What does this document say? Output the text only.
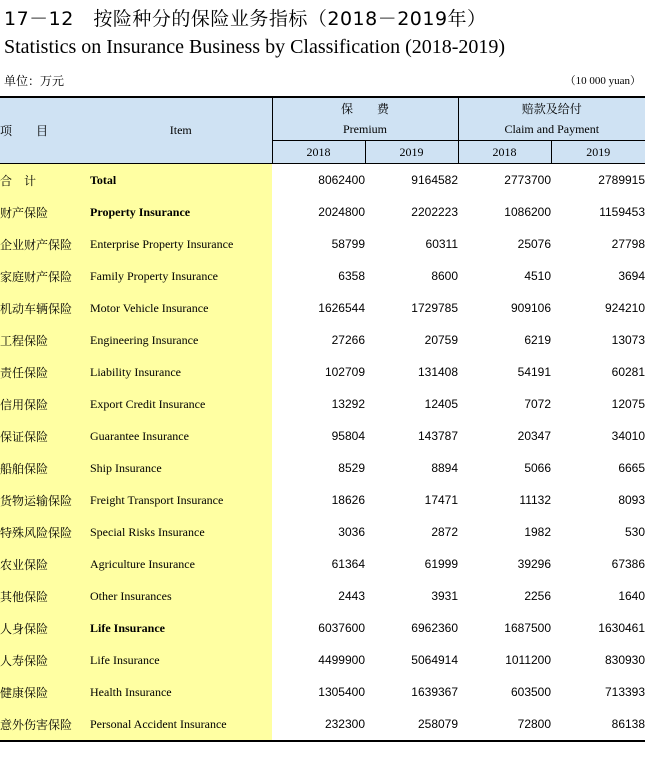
17－12　按险种分的保险业务指标（2018－2019年）
Statistics on Insurance Business by Classification (2018-2019)
单位：万元	（10 000 yuan）
项　　目	Item	保　　费
Premium		赔款及给付
Claim and Payment	
		2018	2019	2018	2019
合　计	Total	8062400	9164582	2773700	2789915
财产保险	Property Insurance	2024800	2202223	1086200	1159453
企业财产保险	Enterprise Property Insurance	58799	60311	25076	27798
家庭财产保险	Family Property Insurance	6358	8600	4510	3694
机动车辆保险	Motor Vehicle Insurance	1626544	1729785	909106	924210
工程保险	Engineering Insurance	27266	20759	6219	13073
责任保险	Liability Insurance	102709	131408	54191	60281
信用保险	Export Credit Insurance	13292	12405	7072	12075
保证保险	Guarantee Insurance	95804	143787	20347	34010
船舶保险	Ship Insurance	8529	8894	5066	6665
货物运输保险	Freight Transport Insurance	18626	17471	11132	8093
特殊风险保险	Special Risks Insurance	3036	2872	1982	530
农业保险	Agriculture Insurance	61364	61999	39296	67386
其他保险	Other Insurances	2443	3931	2256	1640
人身保险	Life Insurance	6037600	6962360	1687500	1630461
人寿保险	Life Insurance	4499900	5064914	1011200	830930
健康保险	Health Insurance	1305400	1639367	603500	713393
意外伤害保险	Personal Accident Insurance	232300	258079	72800	86138
